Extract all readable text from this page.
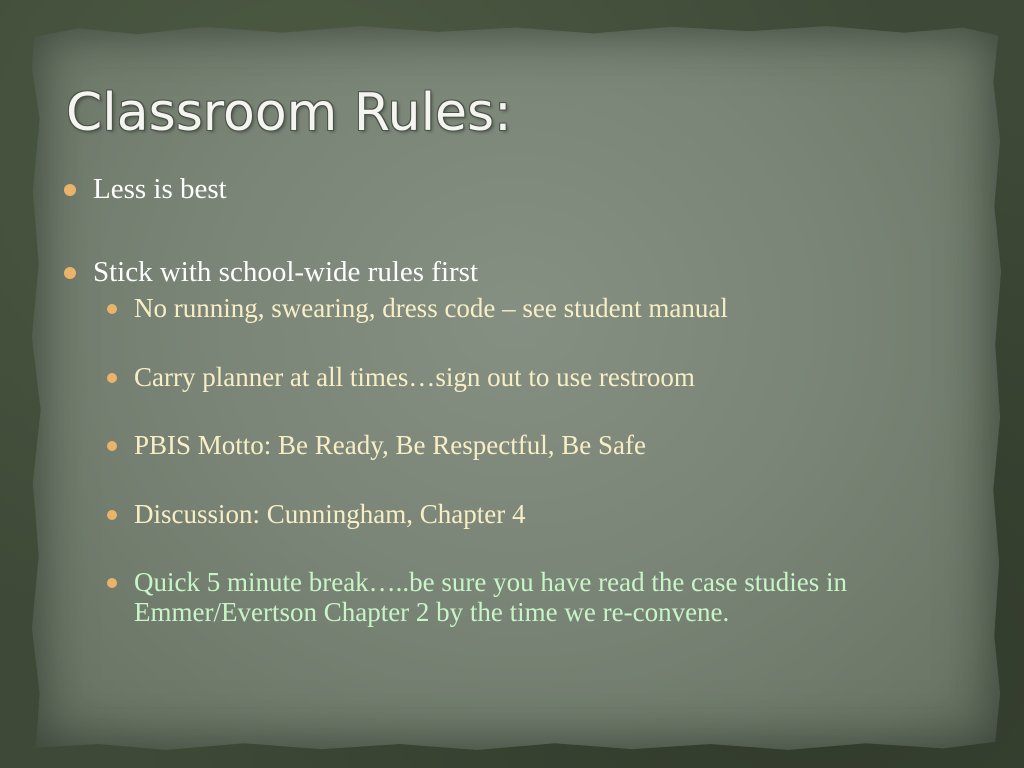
Classroom Rules:
Less is best
Stick with school-wide rules first
No running, swearing, dress code – see student manual
Carry planner at all times…sign out to use restroom
PBIS Motto: Be Ready, Be Respectful, Be Safe
Discussion: Cunningham, Chapter 4
Quick 5 minute break…..be sure you have read the case studies in Emmer/Evertson Chapter 2 by the time we re-convene.
